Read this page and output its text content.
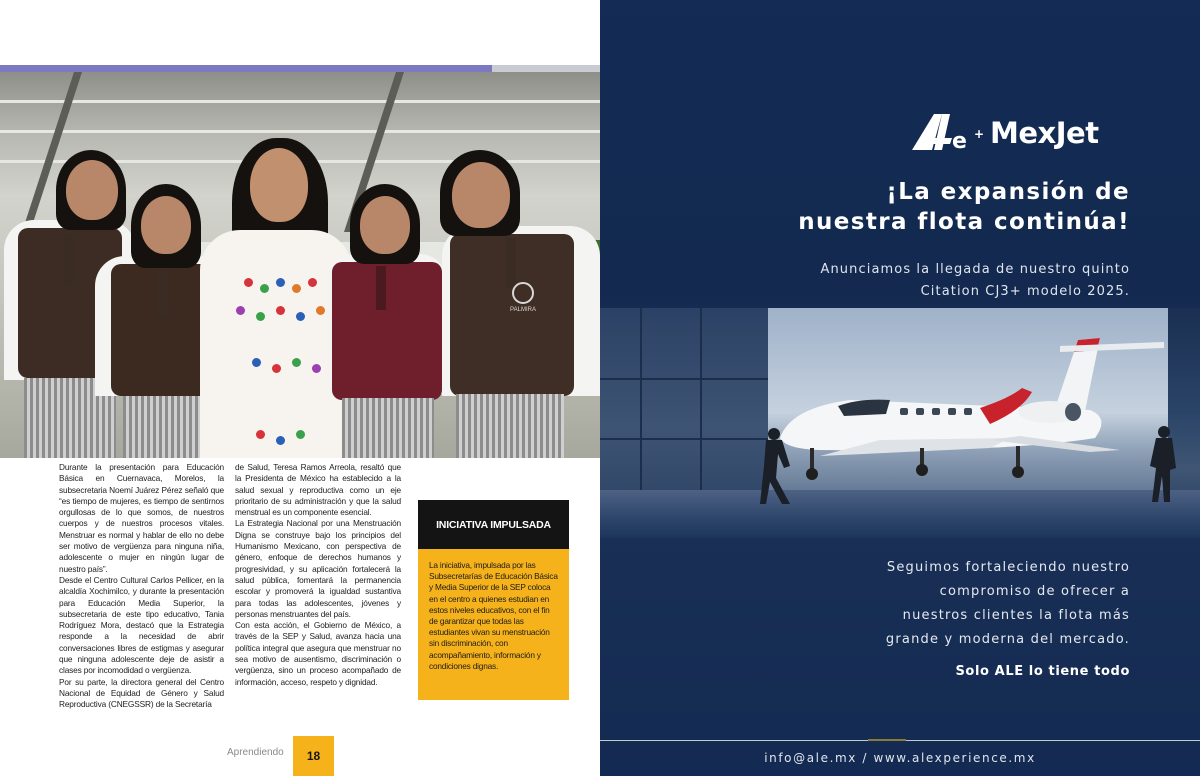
PALMIRA

Durante la presentación para Educación Básica en Cuernavaca, Morelos, la subsecretaria Noemí Juárez Pérez señaló que “es tiempo de mujeres, es tiempo de sentirnos orgullosas de lo que somos, de nuestros cuerpos y de nuestros procesos vitales. Menstruar es normal y hablar de ello no debe ser motivo de vergüenza para ninguna niña, adolescente o mujer en ningún lugar de nuestro país”.

Desde el Centro Cultural Carlos Pellicer, en la alcaldía Xochimilco, y durante la presentación para Educación Media Superior, la subsecretaria de este tipo educativo, Tania Rodríguez Mora, destacó que la Estrategia responde a la necesidad de abrir conversaciones libres de estigmas y asegurar que ninguna adolescente deje de asistir a clases por incomodidad o vergüenza.

Por su parte, la directora general del Centro Nacional de Equidad de Género y Salud Reproductiva (CNEGSSR) de la Secretaría

de Salud, Teresa Ramos Arreola, resaltó que la Presidenta de México ha establecido a la salud sexual y reproductiva como un eje prioritario de su administración y que la salud menstrual es un componente esencial.

La Estrategia Nacional por una Menstruación Digna se construye bajo los principios del Humanismo Mexicano, con perspectiva de género, enfoque de derechos humanos y progresividad, y su aplicación fortalecerá la salud pública, fomentará la permanencia escolar y promoverá la igualdad sustantiva para todas las adolescentes, jóvenes y personas menstruantes del país.

Con esta acción, el Gobierno de México, a través de la SEP y Salud, avanza hacia una política integral que asegura que menstruar no sea motivo de ausentismo, discriminación o vergüenza, sino un proceso acompañado de información, acceso, respeto y dignidad.

INICIATIVA IMPULSADA
La iniciativa, impulsada por las Subsecretarías de Educación Básica y Media Superior de la SEP coloca en el centro a quienes estudian en estos niveles educativos, con el fin de garantizar que todas las estudiantes vivan su menstruación sin discriminación, con acompañamiento, información y condiciones dignas.
Aprendiendo	18
e + MexJet
¡La expansión de
nuestra flota continúa!
Anunciamos la llegada de nuestro quinto
Citation CJ3+ modelo 2025.
Seguimos fortaleciendo nuestro
compromiso de ofrecer a
nuestros clientes la flota más
grande y moderna del mercado.
Solo ALE lo tiene todo
info@ale.mx / www.alexperience.mx
